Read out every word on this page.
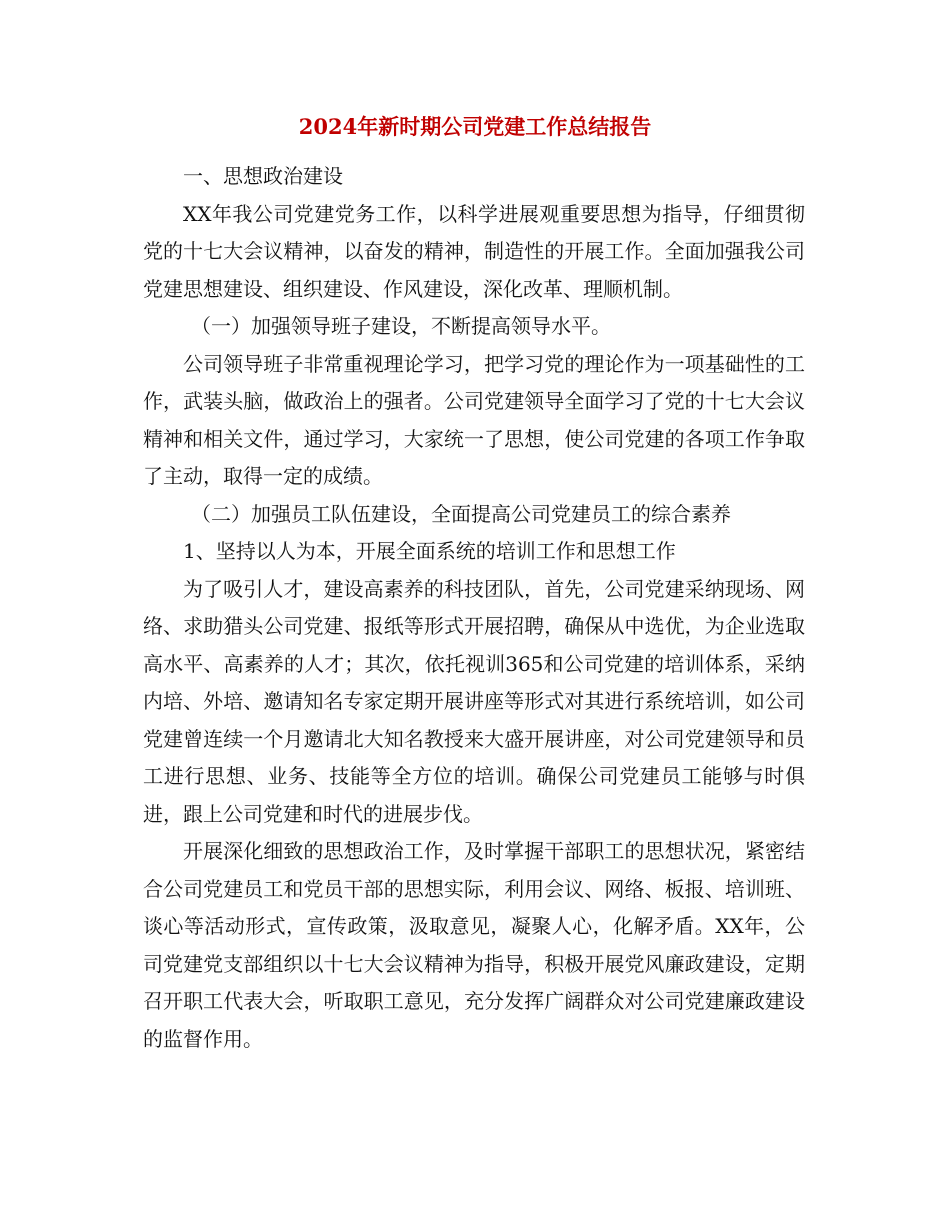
2024年新时期公司党建工作总结报告

一、思想政治建设

XX年我公司党建党务工作，以科学进展观重要思想为指导，仔细贯彻党的十七大会议精神，以奋发的精神，制造性的开展工作。全面加强我公司党建思想建设、组织建设、作风建设，深化改革、理顺机制。

（一）加强领导班子建设，不断提高领导水平。

公司领导班子非常重视理论学习，把学习党的理论作为一项基础性的工作，武装头脑，做政治上的强者。公司党建领导全面学习了党的十七大会议精神和相关文件，通过学习，大家统一了思想，使公司党建的各项工作争取了主动，取得一定的成绩。

（二）加强员工队伍建设，全面提高公司党建员工的综合素养

1、坚持以人为本，开展全面系统的培训工作和思想工作

为了吸引人才，建设高素养的科技团队，首先，公司党建采纳现场、网络、求助猎头公司党建、报纸等形式开展招聘，确保从中选优，为企业选取高水平、高素养的人才；其次，依托视训365和公司党建的培训体系，采纳内培、外培、邀请知名专家定期开展讲座等形式对其进行系统培训，如公司党建曾连续一个月邀请北大知名教授来大盛开展讲座，对公司党建领导和员工进行思想、业务、技能等全方位的培训。确保公司党建员工能够与时俱进，跟上公司党建和时代的进展步伐。

开展深化细致的思想政治工作，及时掌握干部职工的思想状况，紧密结合公司党建员工和党员干部的思想实际，利用会议、网络、板报、培训班、谈心等活动形式，宣传政策，汲取意见，凝聚人心，化解矛盾。XX年，公司党建党支部组织以十七大会议精神为指导，积极开展党风廉政建设，定期召开职工代表大会，听取职工意见，充分发挥广阔群众对公司党建廉政建设的监督作用。
